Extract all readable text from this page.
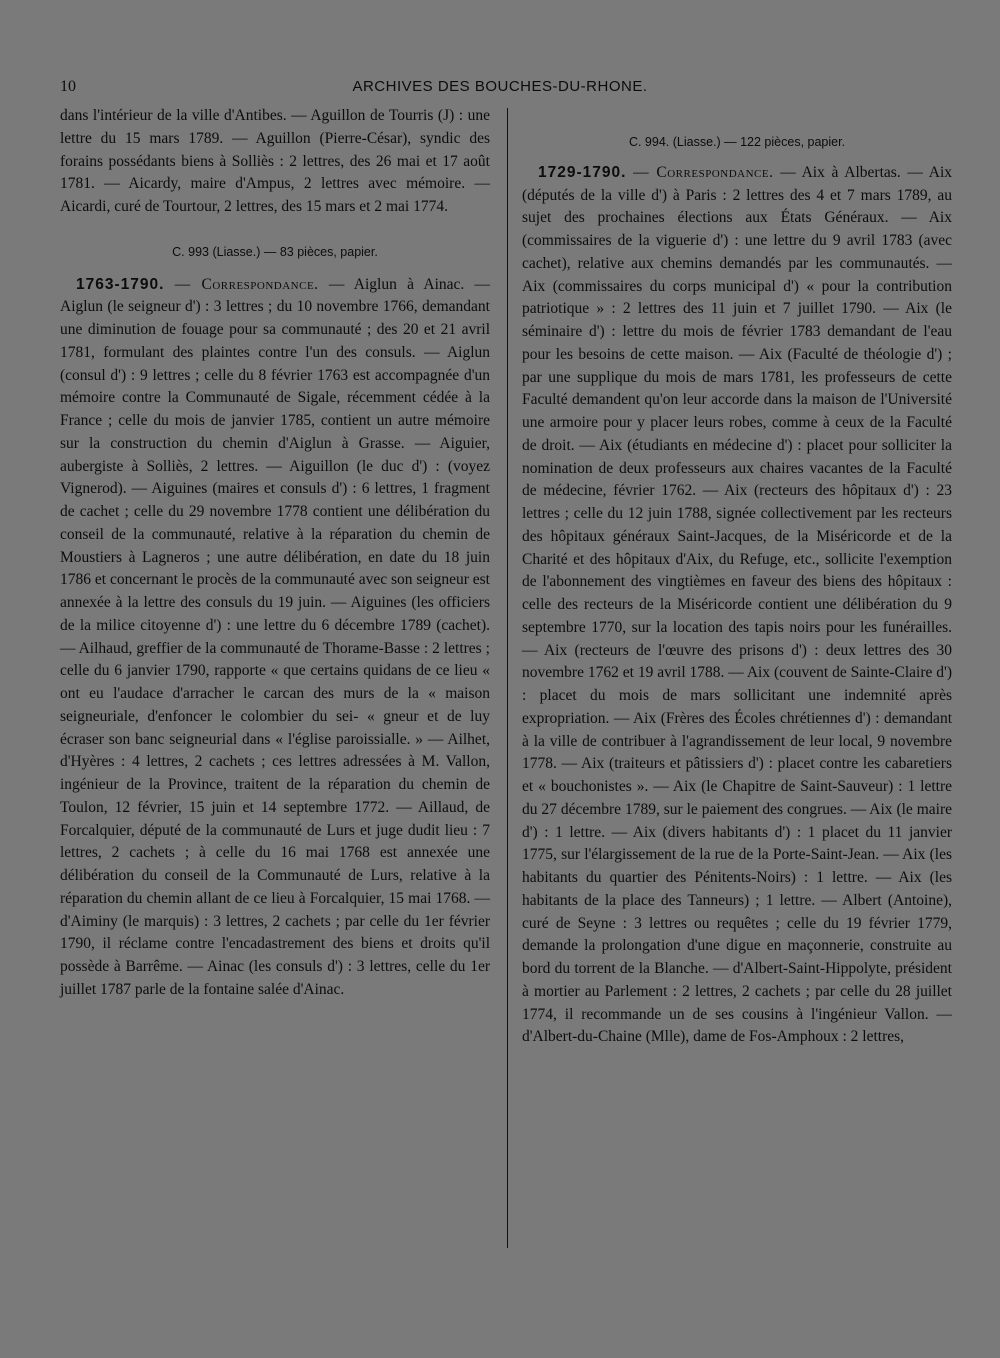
10	ARCHIVES DES BOUCHES-DU-RHONE.

dans l'intérieur de la ville d'Antibes. — Aguillon de Tourris (J) : une lettre du 15 mars 1789. — Aguillon (Pierre-César), syndic des forains possédants biens à Solliès : 2 lettres, des 26 mai et 17 août 1781. — Aicardy, maire d'Ampus, 2 lettres avec mémoire. — Aicardi, curé de Tourtour, 2 lettres, des 15 mars et 2 mai 1774.

C. 993 (Liasse.) — 83 pièces, papier.

1763-1790. — Correspondance. — Aiglun à Ainac. — Aiglun (le seigneur d') : 3 lettres ; du 10 novembre 1766, demandant une diminution de fouage pour sa communauté ; des 20 et 21 avril 1781, formulant des plaintes contre l'un des consuls. — Aiglun (consul d') : 9 lettres ; celle du 8 février 1763 est accompagnée d'un mémoire contre la Communauté de Sigale, récemment cédée à la France ; celle du mois de janvier 1785, contient un autre mémoire sur la construction du chemin d'Aiglun à Grasse. — Aiguier, aubergiste à Solliès, 2 lettres. — Aiguillon (le duc d') : (voyez Vignerod). — Aiguines (maires et consuls d') : 6 lettres, 1 fragment de cachet ; celle du 29 novembre 1778 contient une délibération du conseil de la communauté, relative à la réparation du chemin de Moustiers à Lagneros ; une autre délibération, en date du 18 juin 1786 et concernant le procès de la communauté avec son seigneur est annexée à la lettre des consuls du 19 juin. — Aiguines (les officiers de la milice citoyenne d') : une lettre du 6 décembre 1789 (cachet). — Ailhaud, greffier de la communauté de Thorame-Basse : 2 lettres ; celle du 6 janvier 1790, rapporte « que certains quidans de ce lieu « ont eu l'audace d'arracher le carcan des murs de la « maison seigneuriale, d'enfoncer le colombier du sei- « gneur et de luy écraser son banc seigneurial dans « l'église paroissialle. » — Ailhet, d'Hyères : 4 lettres, 2 cachets ; ces lettres adressées à M. Vallon, ingénieur de la Province, traitent de la réparation du chemin de Toulon, 12 février, 15 juin et 14 septembre 1772. — Aillaud, de Forcalquier, député de la communauté de Lurs et juge dudit lieu : 7 lettres, 2 cachets ; à celle du 16 mai 1768 est annexée une délibération du conseil de la Communauté de Lurs, relative à la réparation du chemin allant de ce lieu à Forcalquier, 15 mai 1768. — d'Aiminy (le marquis) : 3 lettres, 2 cachets ; par celle du 1er février 1790, il réclame contre l'encadastrement des biens et droits qu'il possède à Barrême. — Ainac (les consuls d') : 3 lettres, celle du 1er juillet 1787 parle de la fontaine salée d'Ainac.

C. 994. (Liasse.) — 122 pièces, papier.

1729-1790. — Correspondance. — Aix à Albertas. — Aix (députés de la ville d') à Paris : 2 lettres des 4 et 7 mars 1789, au sujet des prochaines élections aux États Généraux. — Aix (commissaires de la viguerie d') : une lettre du 9 avril 1783 (avec cachet), relative aux chemins demandés par les communautés. — Aix (commissaires du corps municipal d') « pour la contribution patriotique » : 2 lettres des 11 juin et 7 juillet 1790. — Aix (le séminaire d') : lettre du mois de février 1783 demandant de l'eau pour les besoins de cette maison. — Aix (Faculté de théologie d') ; par une supplique du mois de mars 1781, les professeurs de cette Faculté demandent qu'on leur accorde dans la maison de l'Université une armoire pour y placer leurs robes, comme à ceux de la Faculté de droit. — Aix (étudiants en médecine d') : placet pour solliciter la nomination de deux professeurs aux chaires vacantes de la Faculté de médecine, février 1762. — Aix (recteurs des hôpitaux d') : 23 lettres ; celle du 12 juin 1788, signée collectivement par les recteurs des hôpitaux généraux Saint-Jacques, de la Miséricorde et de la Charité et des hôpitaux d'Aix, du Refuge, etc., sollicite l'exemption de l'abonnement des vingtièmes en faveur des biens des hôpitaux : celle des recteurs de la Miséricorde contient une délibération du 9 septembre 1770, sur la location des tapis noirs pour les funérailles. — Aix (recteurs de l'œuvre des prisons d') : deux lettres des 30 novembre 1762 et 19 avril 1788. — Aix (couvent de Sainte-Claire d') : placet du mois de mars sollicitant une indemnité après expropriation. — Aix (Frères des Écoles chrétiennes d') : demandant à la ville de contribuer à l'agrandissement de leur local, 9 novembre 1778. — Aix (traiteurs et pâtissiers d') : placet contre les cabaretiers et « bouchonistes ». — Aix (le Chapitre de Saint-Sauveur) : 1 lettre du 27 décembre 1789, sur le paiement des congrues. — Aix (le maire d') : 1 lettre. — Aix (divers habitants d') : 1 placet du 11 janvier 1775, sur l'élargissement de la rue de la Porte-Saint-Jean. — Aix (les habitants du quartier des Pénitents-Noirs) : 1 lettre. — Aix (les habitants de la place des Tanneurs) ; 1 lettre. — Albert (Antoine), curé de Seyne : 3 lettres ou requêtes ; celle du 19 février 1779, demande la prolongation d'une digue en maçonnerie, construite au bord du torrent de la Blanche. — d'Albert-Saint-Hippolyte, président à mortier au Parlement : 2 lettres, 2 cachets ; par celle du 28 juillet 1774, il recommande un de ses cousins à l'ingénieur Vallon. — d'Albert-du-Chaine (Mlle), dame de Fos-Amphoux : 2 lettres,
